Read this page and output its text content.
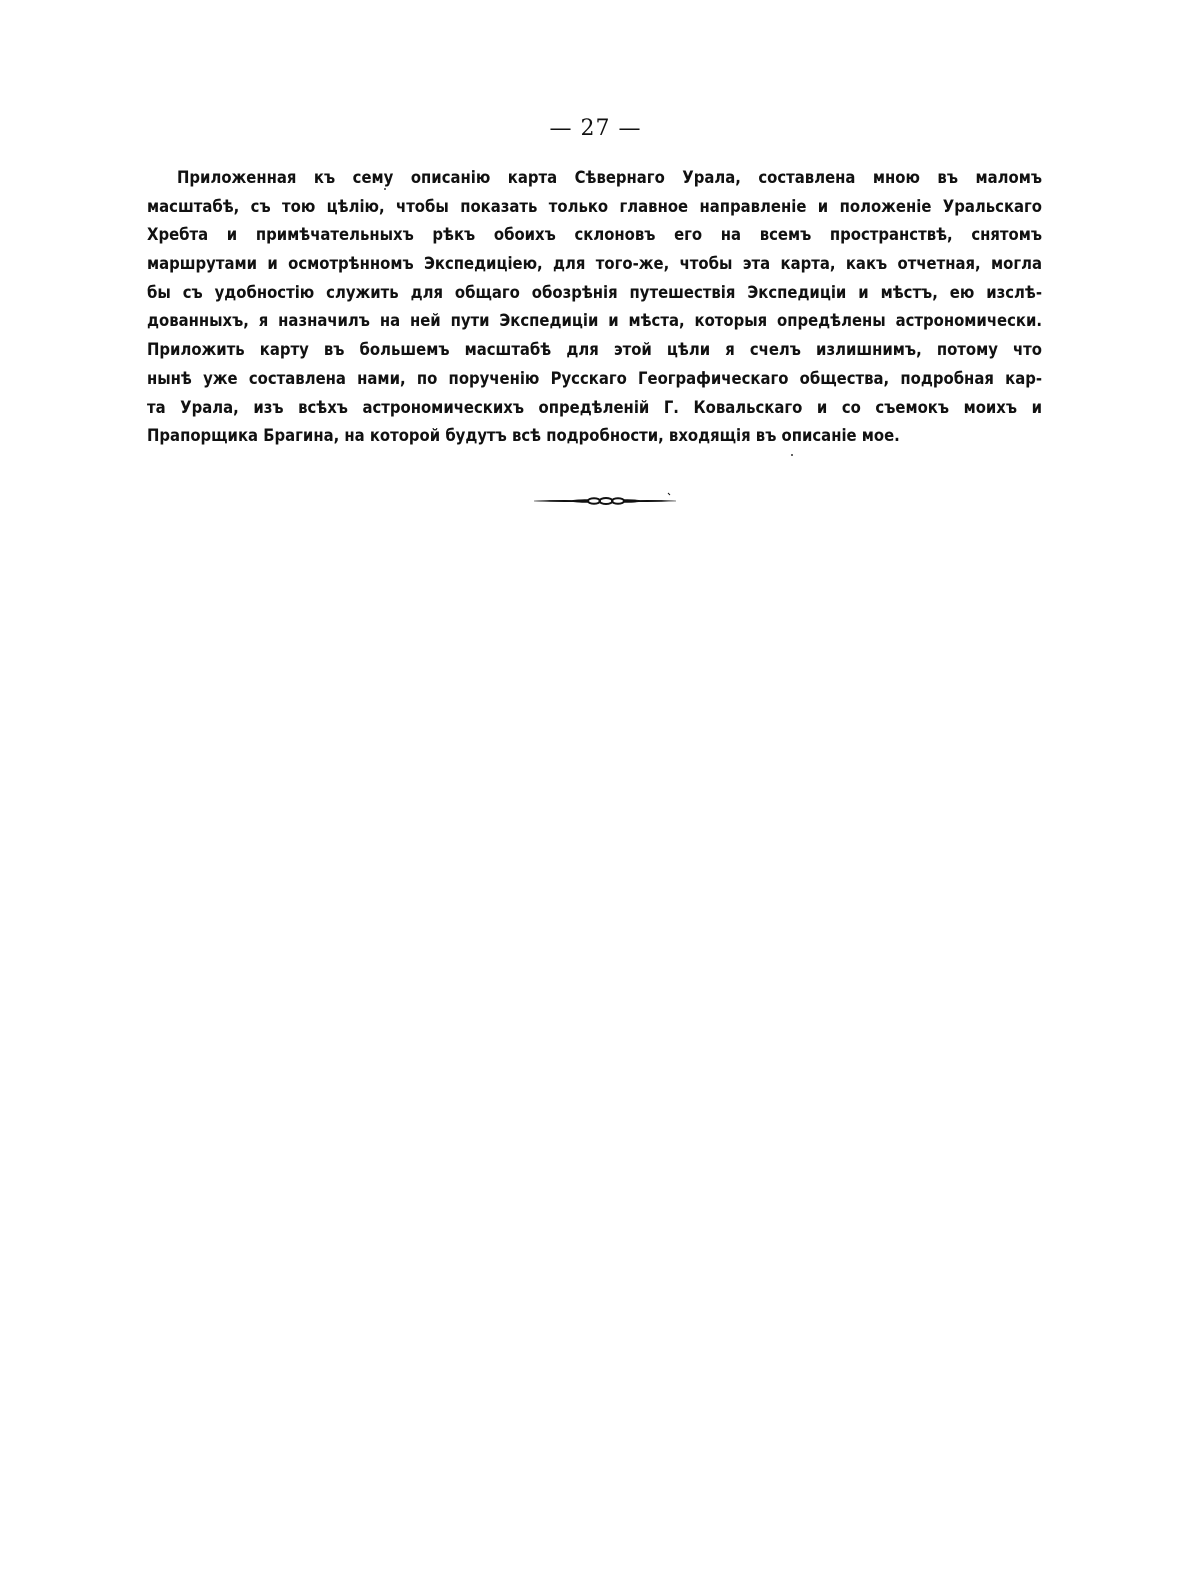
— 27 —
Приложенная къ сему описанію карта Сѣвернаго Урала, составлена мною въ маломъ
масштабѣ, съ тою цѣлію, чтобы показать только главное направленіе и положеніе Уральскаго
Хребта и примѣчательныхъ рѣкъ обоихъ склоновъ его на всемъ пространствѣ, снятомъ
маршрутами и осмотрѣнномъ Экспедиціею, для того-же, чтобы эта карта, какъ отчетная, могла
бы съ удобностію служить для общаго обозрѣнія путешествія Экспедиціи и мѣстъ, ею изслѣ-
дованныхъ, я назначилъ на ней пути Экспедиціи и мѣста, которыя опредѣлены астрономически.
Приложить карту въ большемъ масштабѣ для этой цѣли я счелъ излишнимъ, потому что
нынѣ уже составлена нами, по порученію Русскаго Географическаго общества, подробная кар-
та Урала, изъ всѣхъ астрономическихъ опредѣленій Г. Ковальскаго и со съемокъ моихъ и
Прапорщика Брагина, на которой будутъ всѣ подробности, входящія въ описаніе мое.
